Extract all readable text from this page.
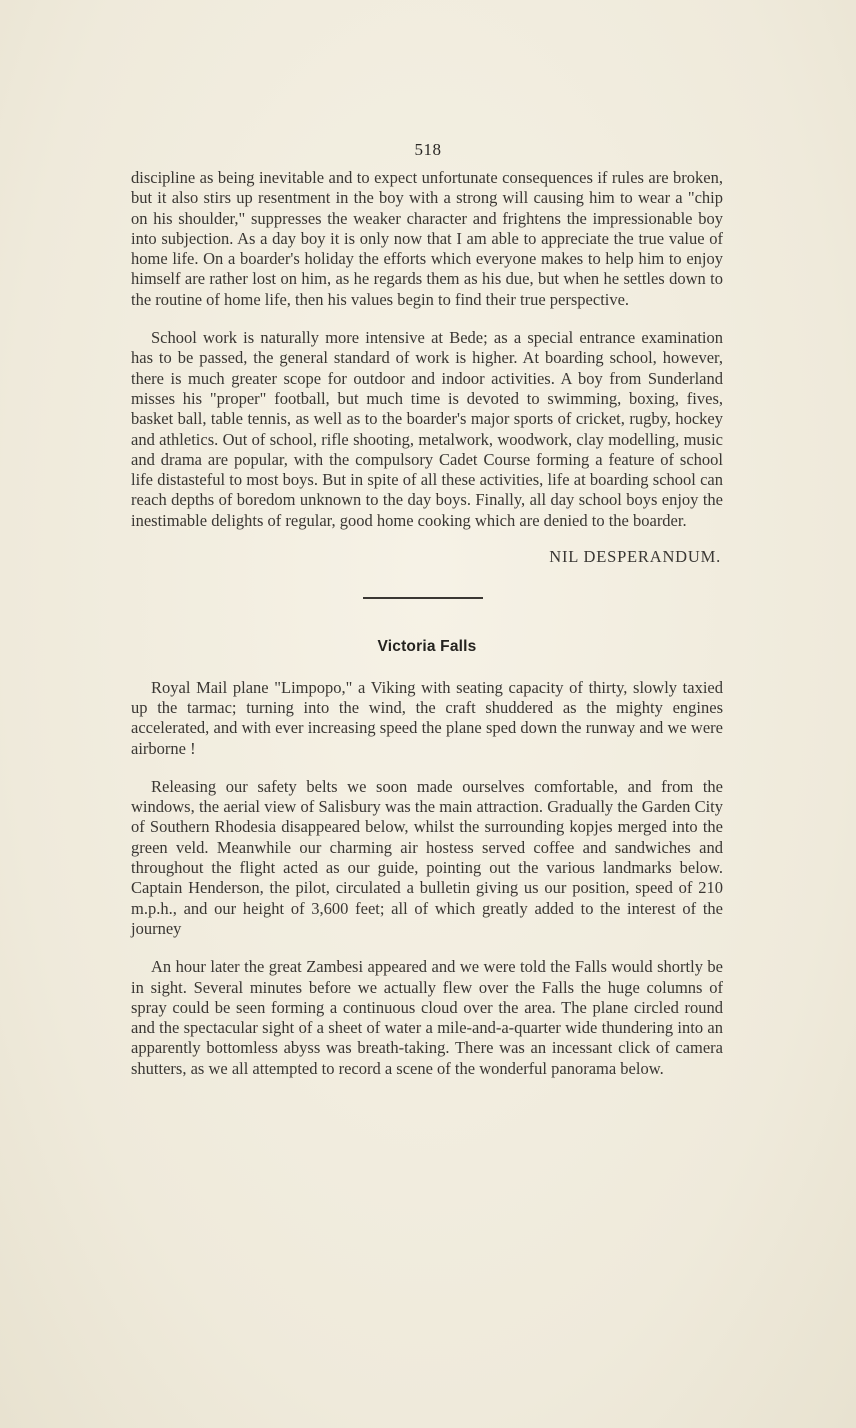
518

discipline as being inevitable and to expect unfortunate consequences if rules are broken, but it also stirs up resentment in the boy with a strong will causing him to wear a "chip on his shoulder," suppresses the weaker character and frightens the impressionable boy into subjection. As a day boy it is only now that I am able to appreciate the true value of home life. On a boarder's holiday the efforts which everyone makes to help him to enjoy himself are rather lost on him, as he regards them as his due, but when he settles down to the routine of home life, then his values begin to find their true perspective.

School work is naturally more intensive at Bede; as a special entrance examination has to be passed, the general standard of work is higher. At boarding school, however, there is much greater scope for outdoor and indoor activities. A boy from Sunderland misses his "proper" football, but much time is devoted to swimming, boxing, fives, basket ball, table tennis, as well as to the boarder's major sports of cricket, rugby, hockey and athletics. Out of school, rifle shooting, metalwork, woodwork, clay modelling, music and drama are popular, with the compulsory Cadet Course forming a feature of school life distasteful to most boys. But in spite of all these activities, life at boarding school can reach depths of boredom unknown to the day boys. Finally, all day school boys enjoy the inestimable delights of regular, good home cooking which are denied to the boarder.

NIL DESPERANDUM.
Victoria Falls

Royal Mail plane "Limpopo," a Viking with seating capacity of thirty, slowly taxied up the tarmac; turning into the wind, the craft shuddered as the mighty engines accelerated, and with ever increasing speed the plane sped down the runway and we were airborne !

Releasing our safety belts we soon made ourselves comfortable, and from the windows, the aerial view of Salisbury was the main attraction. Gradually the Garden City of Southern Rhodesia disappeared below, whilst the surrounding kopjes merged into the green veld. Meanwhile our charming air hostess served coffee and sandwiches and throughout the flight acted as our guide, pointing out the various landmarks below. Captain Henderson, the pilot, circulated a bulletin giving us our position, speed of 210 m.p.h., and our height of 3,600 feet; all of which greatly added to the interest of the journey

An hour later the great Zambesi appeared and we were told the Falls would shortly be in sight. Several minutes before we actually flew over the Falls the huge columns of spray could be seen forming a continuous cloud over the area. The plane circled round and the spectacular sight of a sheet of water a mile-and-a-quarter wide thundering into an apparently bottomless abyss was breath-taking. There was an incessant click of camera shutters, as we all attempted to record a scene of the wonderful panorama below.
